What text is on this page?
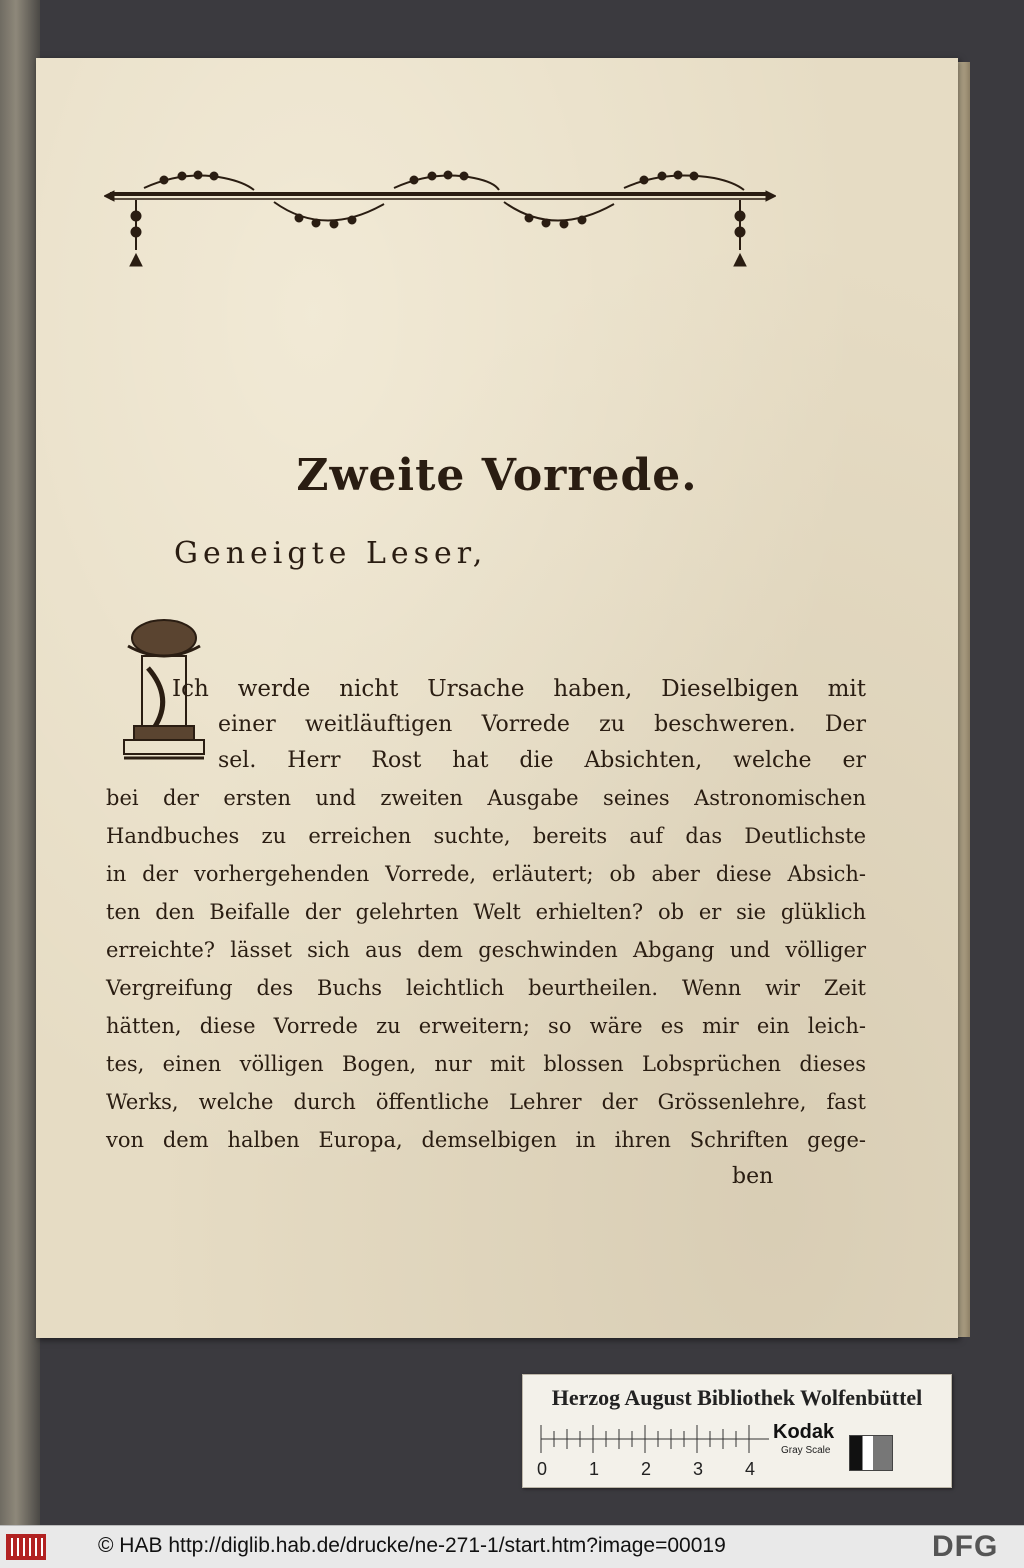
Zweite Vorrede.
Geneigte Leser,
Ich werde nicht Ursache haben, Dieselbigen mit
einer weitläuftigen Vorrede zu beschweren. Der
sel. Herr Rost hat die Absichten, welche er
bei der ersten und zweiten Ausgabe seines Astronomischen
Handbuches zu erreichen suchte, bereits auf das Deutlichste
in der vorhergehenden Vorrede, erläutert; ob aber diese Absich-
ten den Beifalle der gelehrten Welt erhielten? ob er sie glüklich
erreichte? lässet sich aus dem geschwinden Abgang und völliger
Vergreifung des Buchs leichtlich beurtheilen. Wenn wir Zeit
hätten, diese Vorrede zu erweitern; so wäre es mir ein leich-
tes, einen völligen Bogen, nur mit blossen Lobsprüchen dieses
Werks, welche durch öffentliche Lehrer der Grössenlehre, fast
von dem halben Europa, demselbigen in ihren Schriften gege-
ben
Herzog August Bibliothek Wolfenbüttel
0 1 2 3 4
Kodak
Gray Scale
© HAB http://diglib.hab.de/drucke/ne-271-1/start.htm?image=00019	DFG
